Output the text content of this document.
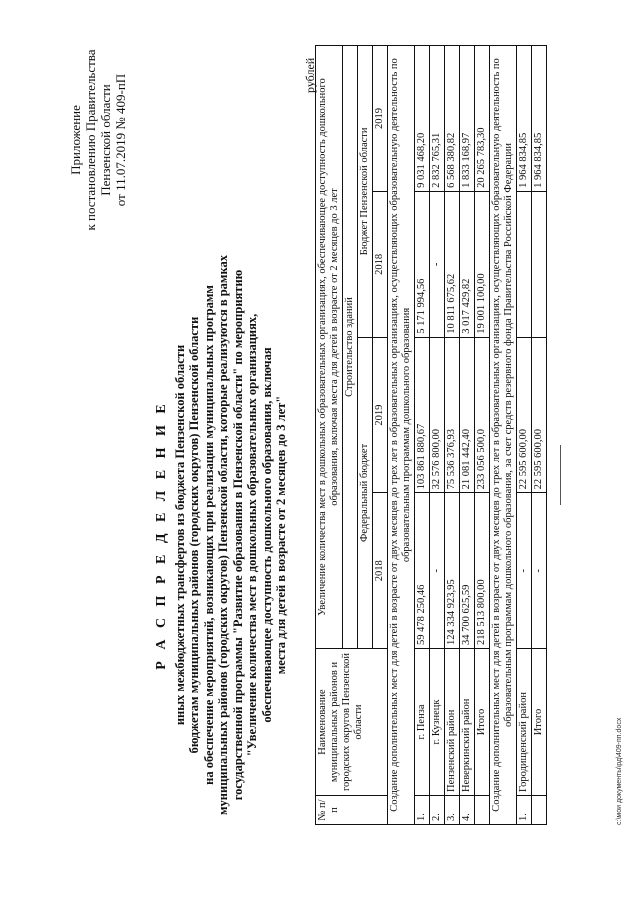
Приложение к постановлению Правительства Пензенской области от 11.07.2019 № 409-пП
Р А С П Р Е Д Е Л Е Н И Е иных межбюджетных трансфертов из бюджета Пензенской области бюджетам муниципальных районов (городских округов) Пензенской области на обеспечение мероприятий, возникающих при реализации муниципальных программ муниципальных районов (городских округов) Пензенской области, которые реализуются в рамках государственной программы "Развитие образования в Пензенской области" по мероприятию "Увеличение количества мест в дошкольных образовательных организациях, обеспечивающее доступность дошкольного образования, включая места для детей в возрасте от 2 месяцев до 3 лет"
рублей
№ п/п	Наименование муниципальных районов и городских округов Пензенской области	Увеличение количества мест в дошкольных образовательных организациях, обеспечивающее доступность дошкольного образования, включая места для детей в возрасте от 2 месяцев до 3 лет			
		Строительство зданий			
		Федеральный бюджет		Бюджет Пензенской области	
		2018	2019	2018	2019
Создание дополнительных мест для детей в возрасте от двух месяцев до трех лет в образовательных организациях, осуществляющих образовательную деятельность по образовательным программам дошкольного образования					
1.	г. Пенза	59 478 250,46	103 861 880,67	5 171 994,56	9 031 468,20
2.	г. Кузнецк	-	32 576 800,00	-	2 832 765,31
3.	Пензенский район	124 334 923,95	75 536 376,93	10 811 675,62	6 568 380,82
4.	Неверкинский район	34 700 625,59	21 081 442,40	3 017 429,82	1 833 168,97
	Итого	218 513 800,00	233 056 500,0	19 001 100,00	20 265 783,30
Создание дополнительных мест для детей в возрасте от двух месяцев до трех лет в образовательных организациях, осуществляющих образовательную деятельность по образовательным программам дошкольного образования, за счет средств резервного фонда Правительства Российской Федерации					
1.	Городищенский район	-	22 595 600,00		1 964 834,85
	Итого	-	22 595 600,00		1 964 834,85
c:\мои документы\рд\409-пп.docx
